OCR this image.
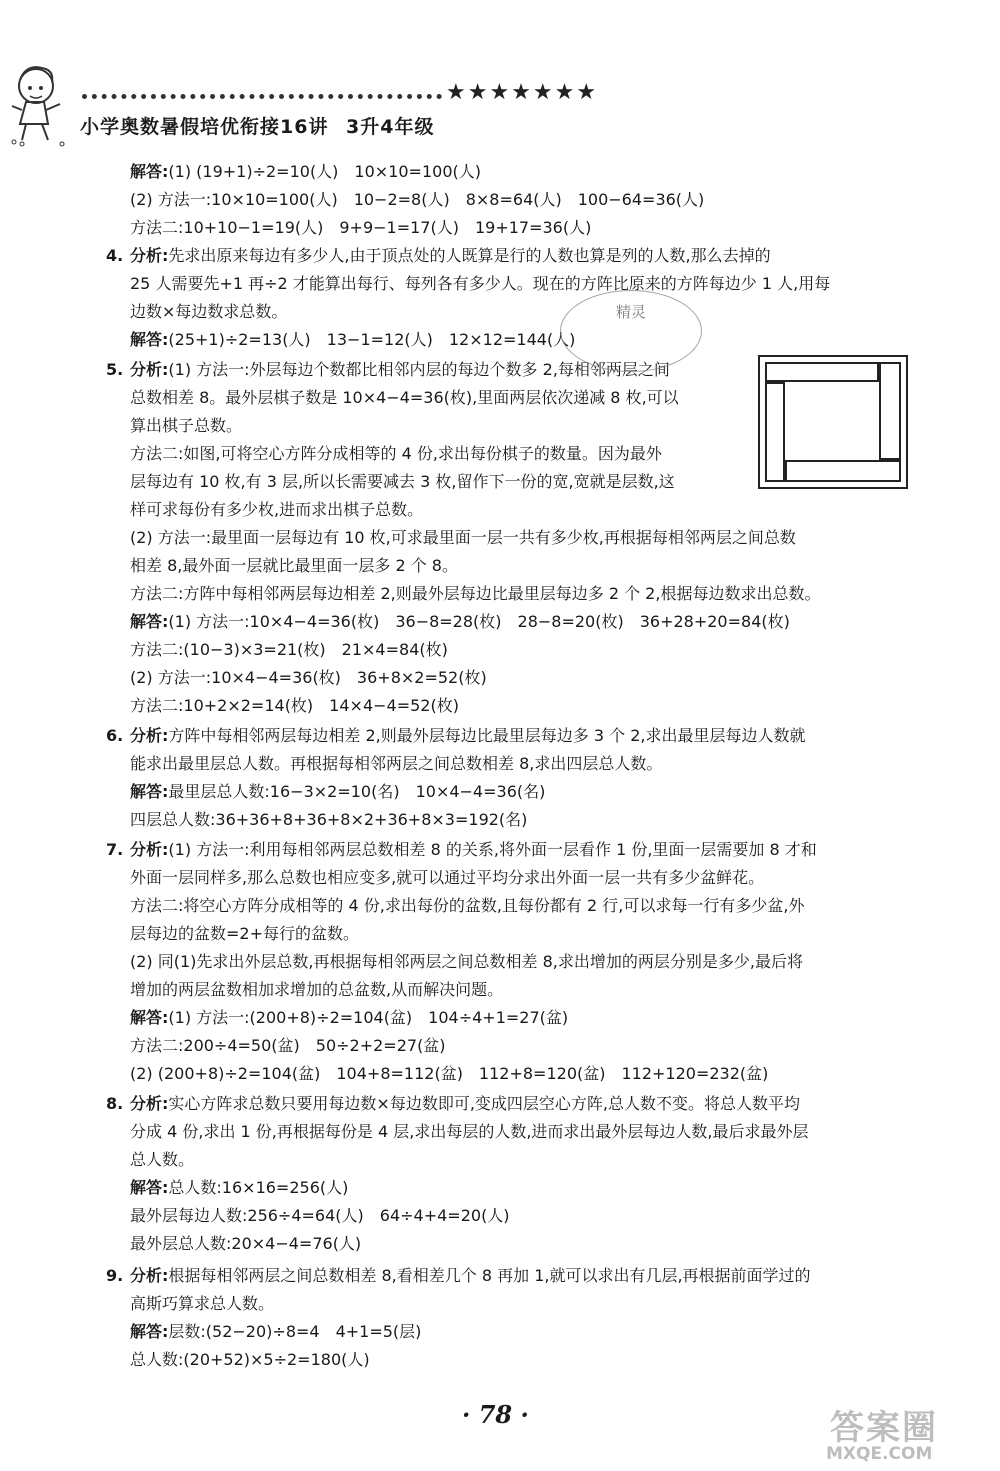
★★★★★★★
小学奥数暑假培优衔接16讲 3升4年级
解答:(1) (19+1)÷2=10(人)　10×10=100(人)
(2) 方法一:10×10=100(人)　10−2=8(人)　8×8=64(人)　100−64=36(人)
方法二:10+10−1=19(人)　9+9−1=17(人)　19+17=36(人)
4. 分析:先求出原来每边有多少人,由于顶点处的人既算是行的人数也算是列的人数,那么去掉的
25 人需要先+1 再÷2 才能算出每行、每列各有多少人。现在的方阵比原来的方阵每边少 1 人,用每
边数×每边数求总数。
解答:(25+1)÷2=13(人)　13−1=12(人)　12×12=144(人)
5. 分析:(1) 方法一:外层每边个数都比相邻内层的每边个数多 2,每相邻两层之间
总数相差 8。最外层棋子数是 10×4−4=36(枚),里面两层依次递减 8 枚,可以
算出棋子总数。
方法二:如图,可将空心方阵分成相等的 4 份,求出每份棋子的数量。因为最外
层每边有 10 枚,有 3 层,所以长需要减去 3 枚,留作下一份的宽,宽就是层数,这
样可求每份有多少枚,进而求出棋子总数。
(2) 方法一:最里面一层每边有 10 枚,可求最里面一层一共有多少枚,再根据每相邻两层之间总数
相差 8,最外面一层就比最里面一层多 2 个 8。
方法二:方阵中每相邻两层每边相差 2,则最外层每边比最里层每边多 2 个 2,根据每边数求出总数。
解答:(1) 方法一:10×4−4=36(枚)　36−8=28(枚)　28−8=20(枚)　36+28+20=84(枚)
方法二:(10−3)×3=21(枚)　21×4=84(枚)
(2) 方法一:10×4−4=36(枚)　36+8×2=52(枚)
方法二:10+2×2=14(枚)　14×4−4=52(枚)
6. 分析:方阵中每相邻两层每边相差 2,则最外层每边比最里层每边多 3 个 2,求出最里层每边人数就
能求出最里层总人数。再根据每相邻两层之间总数相差 8,求出四层总人数。
解答:最里层总人数:16−3×2=10(名)　10×4−4=36(名)
四层总人数:36+36+8+36+8×2+36+8×3=192(名)
7. 分析:(1) 方法一:利用每相邻两层总数相差 8 的关系,将外面一层看作 1 份,里面一层需要加 8 才和
外面一层同样多,那么总数也相应变多,就可以通过平均分求出外面一层一共有多少盆鲜花。
方法二:将空心方阵分成相等的 4 份,求出每份的盆数,且每份都有 2 行,可以求每一行有多少盆,外
层每边的盆数=2+每行的盆数。
(2) 同(1)先求出外层总数,再根据每相邻两层之间总数相差 8,求出增加的两层分别是多少,最后将
增加的两层盆数相加求增加的总盆数,从而解决问题。
解答:(1) 方法一:(200+8)÷2=104(盆)　104÷4+1=27(盆)
方法二:200÷4=50(盆)　50÷2+2=27(盆)
(2) (200+8)÷2=104(盆)　104+8=112(盆)　112+8=120(盆)　112+120=232(盆)
8. 分析:实心方阵求总数只要用每边数×每边数即可,变成四层空心方阵,总人数不变。将总人数平均
分成 4 份,求出 1 份,再根据每份是 4 层,求出每层的人数,进而求出最外层每边人数,最后求最外层
总人数。
解答:总人数:16×16=256(人)
最外层每边人数:256÷4=64(人)　64÷4+4=20(人)
最外层总人数:20×4−4=76(人)
9. 分析:根据每相邻两层之间总数相差 8,看相差几个 8 再加 1,就可以求出有几层,再根据前面学过的
高斯巧算求总人数。
解答:层数:(52−20)÷8=4　4+1=5(层)
总人数:(20+52)×5÷2=180(人)
精灵
· 78 ·	答案圈
MXQE.COM
